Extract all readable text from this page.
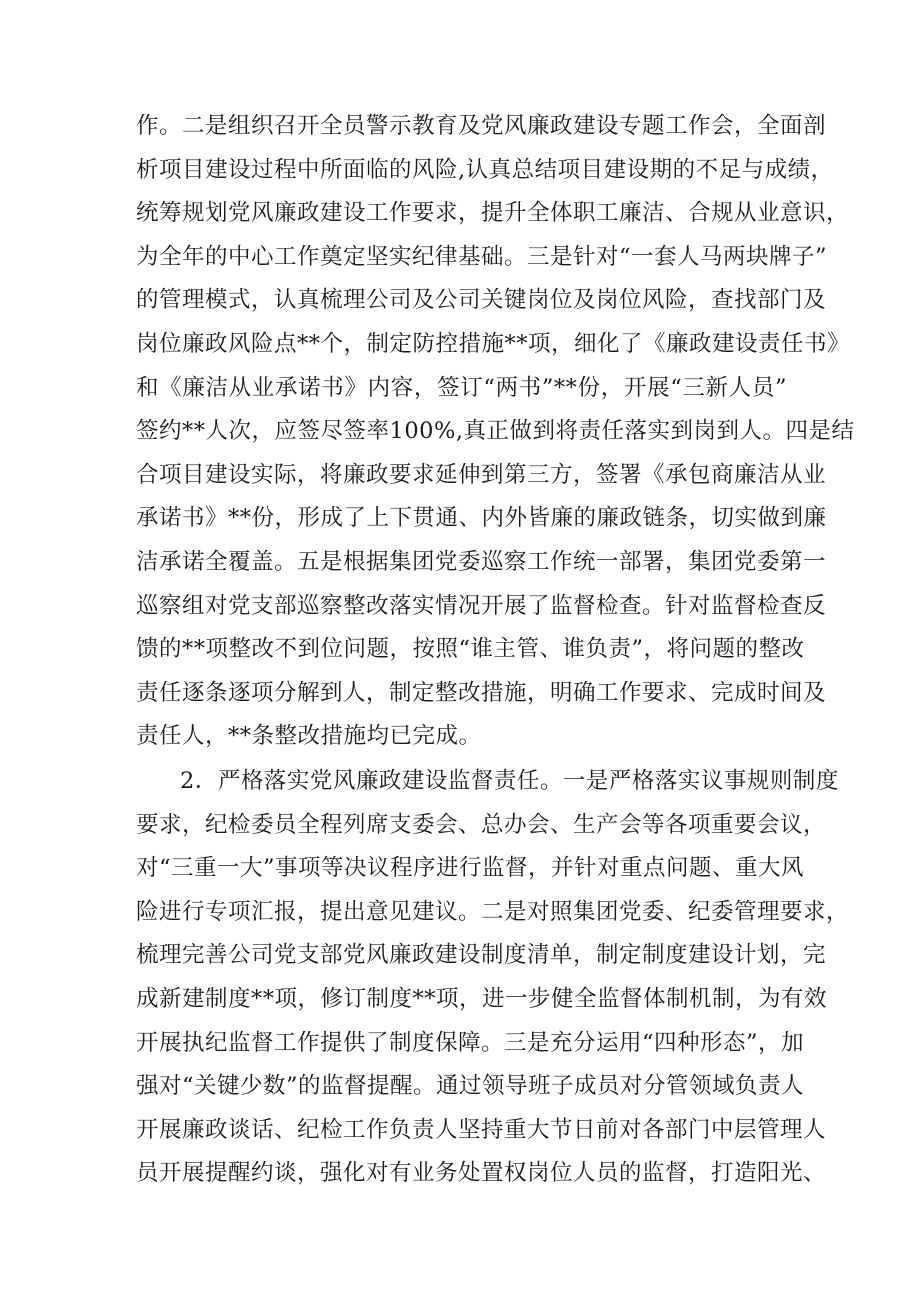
作。二是组织召开全员警示教育及党风廉政建设专题工作会，全面剖
析项目建设过程中所面临的风险,认真总结项目建设期的不足与成绩，
统筹规划党风廉政建设工作要求，提升全体职工廉洁、合规从业意识，
为全年的中心工作奠定坚实纪律基础。三是针对“一套人马两块牌子”
的管理模式，认真梳理公司及公司关键岗位及岗位风险，查找部门及
岗位廉政风险点**个，制定防控措施**项，细化了《廉政建设责任书》
和《廉洁从业承诺书》内容，签订“两书”**份，开展“三新人员”
签约**人次，应签尽签率100%,真正做到将责任落实到岗到人。四是结
合项目建设实际，将廉政要求延伸到第三方，签署《承包商廉洁从业
承诺书》**份，形成了上下贯通、内外皆廉的廉政链条，切实做到廉
洁承诺全覆盖。五是根据集团党委巡察工作统一部署，集团党委第一
巡察组对党支部巡察整改落实情况开展了监督检查。针对监督检查反
馈的**项整改不到位问题，按照“谁主管、谁负责”，将问题的整改
责任逐条逐项分解到人，制定整改措施，明确工作要求、完成时间及
责任人，**条整改措施均已完成。
2．严格落实党风廉政建设监督责任。一是严格落实议事规则制度
要求，纪检委员全程列席支委会、总办会、生产会等各项重要会议，
对“三重一大”事项等决议程序进行监督，并针对重点问题、重大风
险进行专项汇报，提出意见建议。二是对照集团党委、纪委管理要求，
梳理完善公司党支部党风廉政建设制度清单，制定制度建设计划，完
成新建制度**项，修订制度**项，进一步健全监督体制机制，为有效
开展执纪监督工作提供了制度保障。三是充分运用“四种形态”，加
强对“关键少数”的监督提醒。通过领导班子成员对分管领域负责人
开展廉政谈话、纪检工作负责人坚持重大节日前对各部门中层管理人
员开展提醒约谈，强化对有业务处置权岗位人员的监督，打造阳光、
